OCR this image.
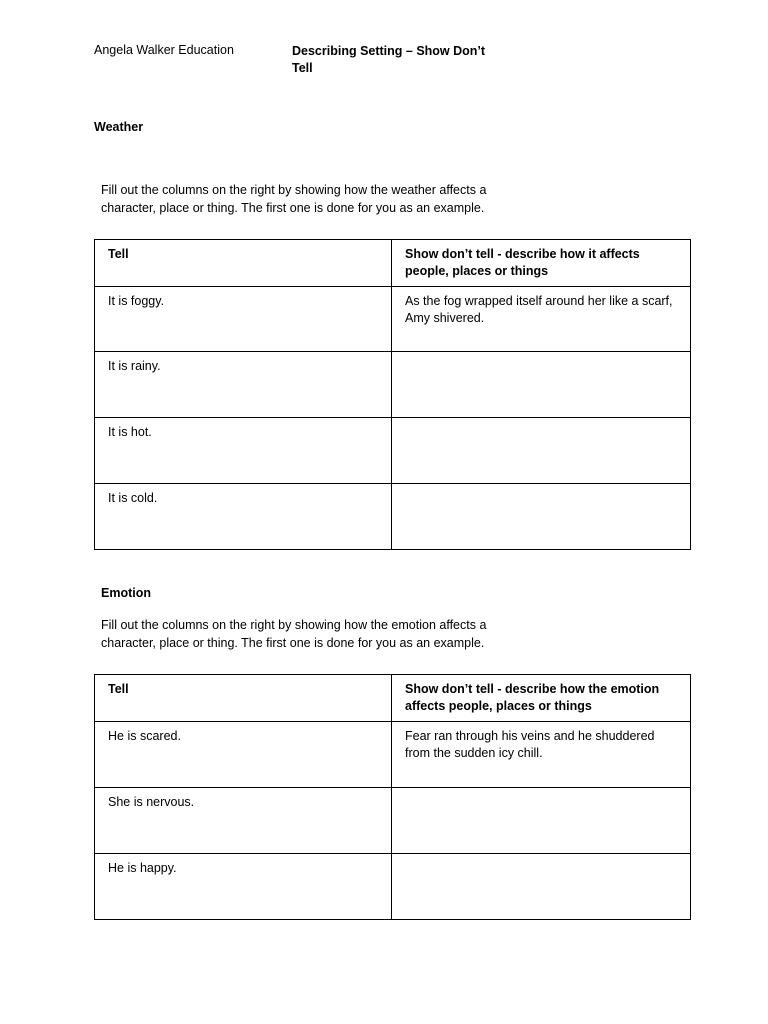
Angela Walker Education	Describing Setting – Show Don’t Tell
Weather
Fill out the columns on the right by showing how the weather affects a character, place or thing. The first one is done for you as an example.
Tell	Show don’t tell - describe how it affects people, places or things
It is foggy.	As the fog wrapped itself around her like a scarf, Amy shivered.
It is rainy.	
It is hot.	
It is cold.	
Emotion
Fill out the columns on the right by showing how the emotion affects a character, place or thing. The first one is done for you as an example.
Tell	Show don’t tell - describe how the emotion affects people, places or things
He is scared.	Fear ran through his veins and he shuddered from the sudden icy chill.
She is nervous.	
He is happy.	
